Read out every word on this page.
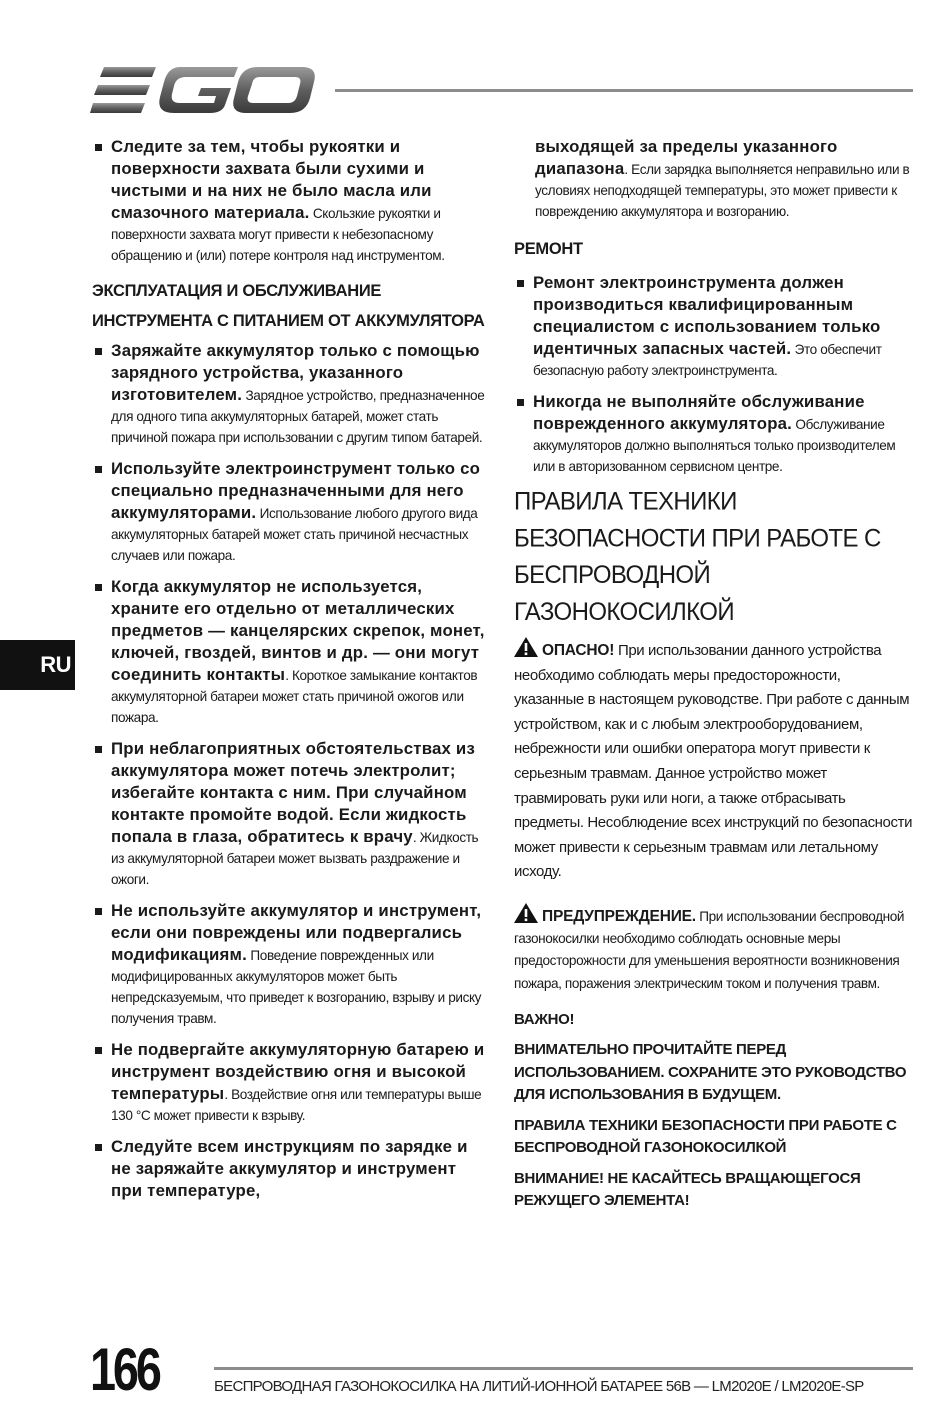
RU
Следите за тем, чтобы рукоятки и поверхности захвата были сухими и чистыми и на них не было масла или смазочного материала. Скользкие рукоятки и поверхности захвата могут привести к небезопасному обращению и (или) потере контроля над инструментом.
ЭКСПЛУАТАЦИЯ И ОБСЛУЖИВАНИЕ ИНСТРУМЕНТА С ПИТАНИЕМ ОТ АККУМУЛЯТОРА
Заряжайте аккумулятор только с помощью зарядного устройства, указанного изготовителем. Зарядное устройство, предназначенное для одного типа аккумуляторных батарей, может стать причиной пожара при использовании с другим типом батарей.
Используйте электроинструмент только со специально предназначенными для него аккумуляторами. Использование любого другого вида аккумуляторных батарей может стать причиной несчастных случаев или пожара.
Когда аккумулятор не используется, храните его отдельно от металлических предметов — канцелярских скрепок, монет, ключей, гвоздей, винтов и др. — они могут соединить контакты. Короткое замыкание контактов аккумуляторной батареи может стать причиной ожогов или пожара.
При неблагоприятных обстоятельствах из аккумулятора может потечь электролит; избегайте контакта с ним. При случайном контакте промойте водой. Если жидкость попала в глаза, обратитесь к врачу. Жидкость из аккумуляторной батареи может вызвать раздражение и ожоги.
Не используйте аккумулятор и инструмент, если они повреждены или подвергались модификациям. Поведение поврежденных или модифицированных аккумуляторов может быть непредсказуемым, что приведет к возгоранию, взрыву и риску получения травм.
Не подвергайте аккумуляторную батарею и инструмент воздействию огня и высокой температуры. Воздействие огня или температуры выше 130 °C может привести к взрыву.
Следуйте всем инструкциям по зарядке и не заряжайте аккумулятор и инструмент при температуре,
выходящей за пределы указанного диапазона. Если зарядка выполняется неправильно или в условиях неподходящей температуры, это может привести к повреждению аккумулятора и возгоранию.
РЕМОНТ
Ремонт электроинструмента должен производиться квалифицированным специалистом с использованием только идентичных запасных частей. Это обеспечит безопасную работу электроинструмента.
Никогда не выполняйте обслуживание поврежденного аккумулятора. Обслуживание аккумуляторов должно выполняться только производителем или в авторизованном сервисном центре.
ПРАВИЛА ТЕХНИКИ БЕЗОПАСНОСТИ ПРИ РАБОТЕ С БЕСПРОВОДНОЙ ГАЗОНОКОСИЛКОЙ
ОПАСНО! При использовании данного устройства необходимо соблюдать меры предосторожности, указанные в настоящем руководстве. При работе с данным устройством, как и с любым электрооборудованием, небрежности или ошибки оператора могут привести к серьезным травмам. Данное устройство может травмировать руки или ноги, а также отбрасывать предметы. Несоблюдение всех инструкций по безопасности может привести к серьезным травмам или летальному исходу.
ПРЕДУПРЕЖДЕНИЕ. При использовании беспроводной газонокосилки необходимо соблюдать основные меры предосторожности для уменьшения вероятности возникновения пожара, поражения электрическим током и получения травм.
ВАЖНО!
ВНИМАТЕЛЬНО ПРОЧИТАЙТЕ ПЕРЕД ИСПОЛЬЗОВАНИЕМ. СОХРАНИТЕ ЭТО РУКОВОДСТВО ДЛЯ ИСПОЛЬЗОВАНИЯ В БУДУЩЕМ.
ПРАВИЛА ТЕХНИКИ БЕЗОПАСНОСТИ ПРИ РАБОТЕ С БЕСПРОВОДНОЙ ГАЗОНОКОСИЛКОЙ
ВНИМАНИЕ! НЕ КАСАЙТЕСЬ ВРАЩАЮЩЕГОСЯ РЕЖУЩЕГО ЭЛЕМЕНТА!
166	БЕСПРОВОДНАЯ ГАЗОНОКОСИЛКА НА ЛИТИЙ-ИОННОЙ БАТАРЕЕ 56В — LM2020E / LM2020E-SP
